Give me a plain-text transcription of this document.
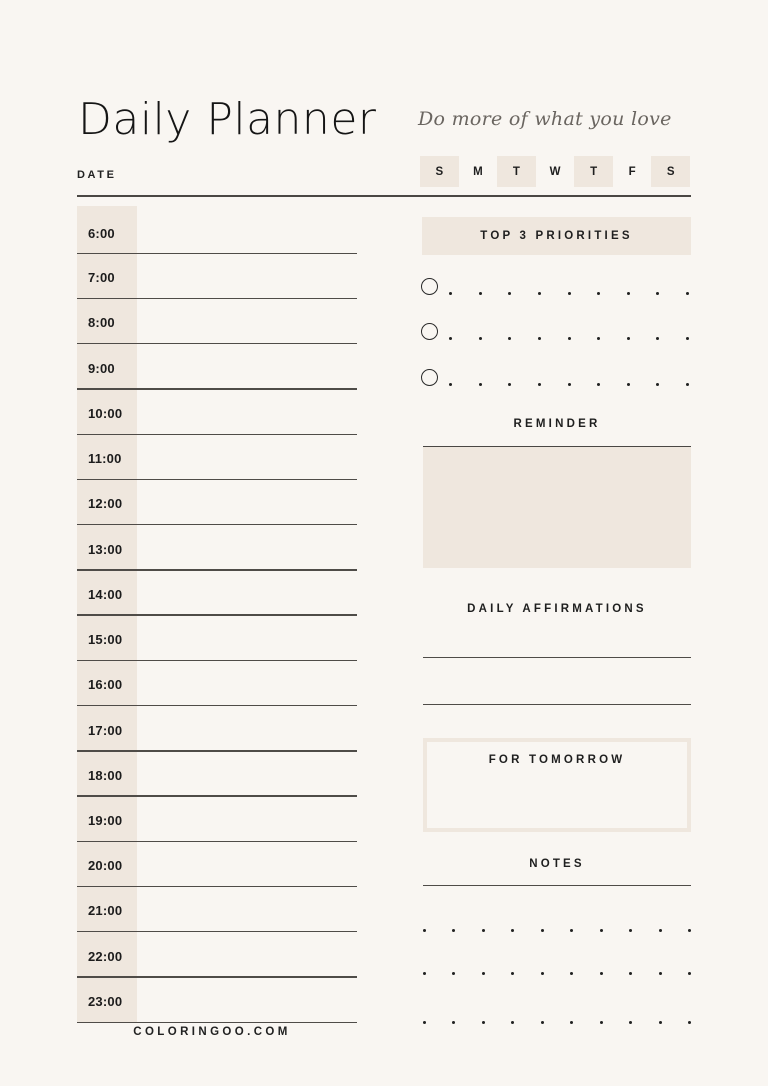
Daily Planner Do more of what you love
DATE	S	M	T	W	T	F	S
6:00
7:00
8:00
9:00
10:00
11:00
12:00
13:00
14:00
15:00
16:00
17:00
18:00
19:00
20:00
21:00
22:00
23:00
TOP 3 PRIORITIES
REMINDER
DAILY AFFIRMATIONS
FOR TOMORROW
NOTES
COLORINGOO.COM
